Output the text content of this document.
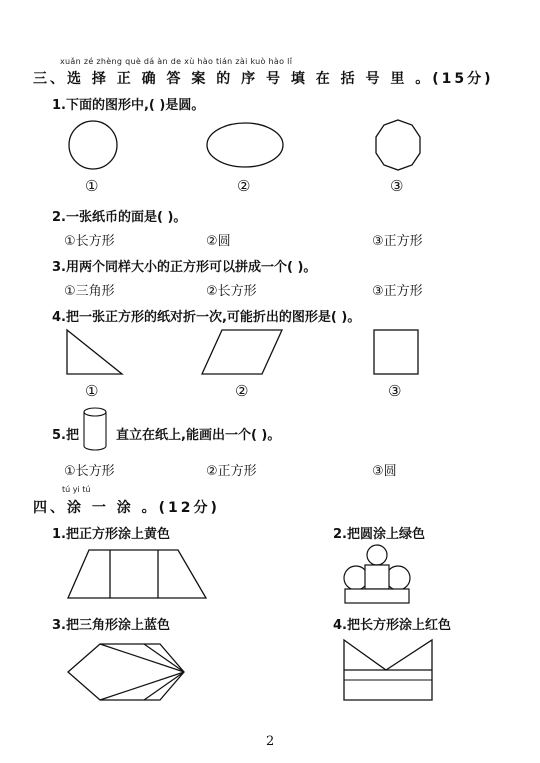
xuǎn zé zhèng què dá àn de xù hào tián zài kuò hào lǐ
三、选 择 正 确 答 案 的 序 号 填 在 括 号 里 。(15分)
1.下面的图形中,( )是圆。
①	②	③
2.一张纸币的面是( )。
①长方形	②圆	③正方形
3.用两个同样大小的正方形可以拼成一个( )。
①三角形	②长方形	③正方形
4.把一张正方形的纸对折一次,可能折出的图形是( )。
①	②	③
5.把	直立在纸上,能画出一个( )。
①长方形	②正方形	③圆
tú yi tú
四、涂 一 涂 。(12分)
1.把正方形涂上黄色	2.把圆涂上绿色
3.把三角形涂上蓝色	4.把长方形涂上红色
2
